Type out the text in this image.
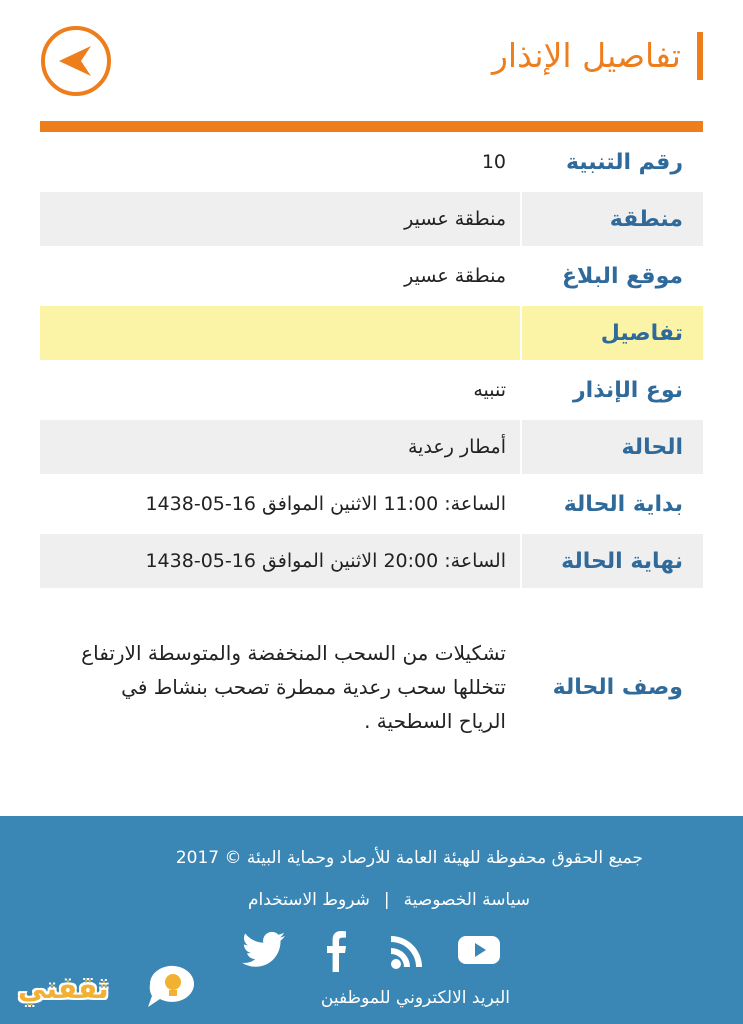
تفاصيل الإنذار
رقم التنبية
10
منطقة
منطقة عسير
موقع البلاغ
منطقة عسير
تفاصيل
نوع الإنذار
تنبيه
الحالة
أمطار رعدية
بداية الحالة
الساعة: 11:00 الاثنين الموافق 16-05-1438
نهاية الحالة
الساعة: 20:00 الاثنين الموافق 16-05-1438
وصف الحالة
تشكيلات من السحب المنخفضة والمتوسطة الارتفاع تتخللها سحب رعدية ممطرة تصحب بنشاط في الرياح السطحية .
جميع الحقوق محفوظة للهيئة العامة للأرصاد وحماية البيئة © 2017
سياسة الخصوصية|شروط الاستخدام
ثقفني	البريد الالكتروني للموظفين
